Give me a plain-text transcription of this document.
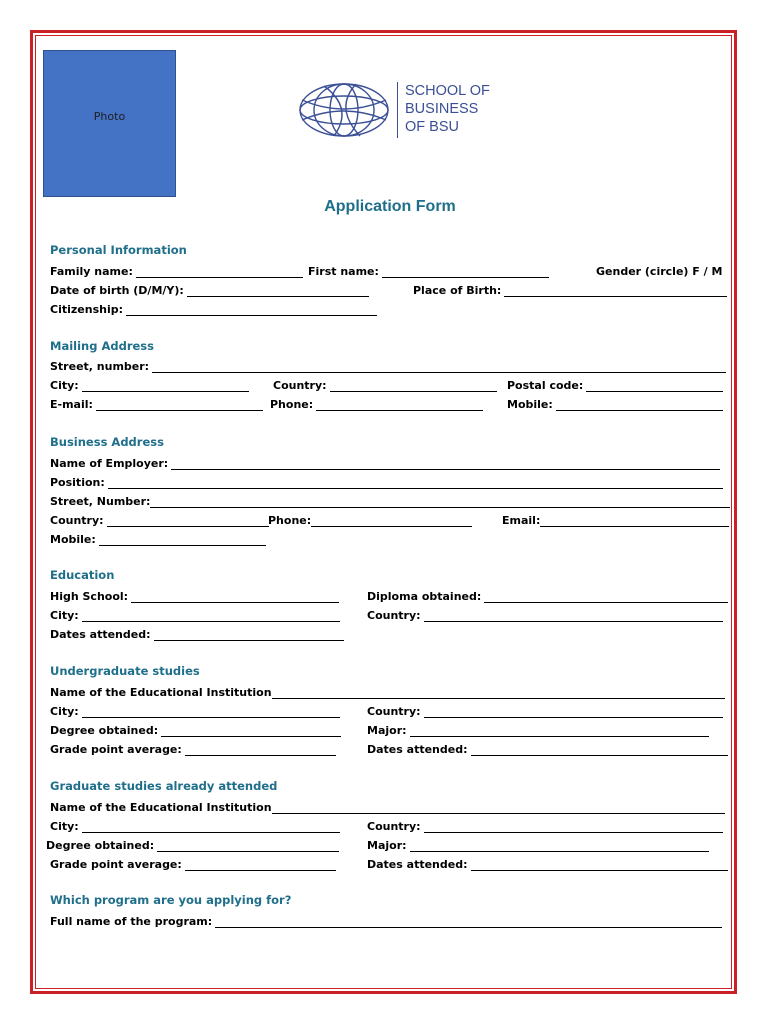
Photo
SCHOOL OF
BUSINESS
OF BSU
Application Form
Personal Information
Family name:	First name:	Gender (circle) F / M
Date of birth (D/M/Y):	Place of Birth:
Citizenship:
Mailing Address
Street, number:
City:	Country:	Postal code:
E-mail:	Phone:	Mobile:
Business Address
Name of Employer:
Position:
Street, Number:
Country:	Phone:	Email:
Mobile:
Education
High School:	Diploma obtained:
City:	Country:
Dates attended:
Undergraduate studies
Name of the Educational Institution
City:	Country:
Degree obtained:	Major:
Grade point average:	Dates attended:
Graduate studies already attended
Name of the Educational Institution
City:	Country:
Degree obtained:	Major:
Grade point average:	Dates attended:
Which program are you applying for?
Full name of the program:
